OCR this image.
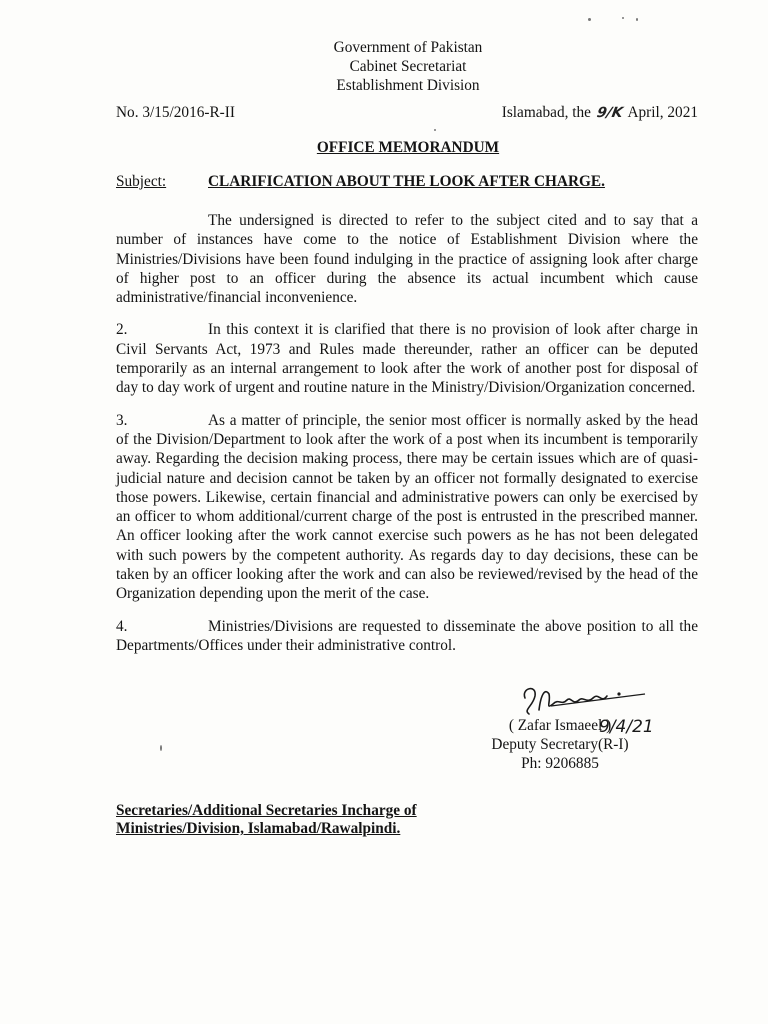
Government of Pakistan
Cabinet Secretariat
Establishment Division
No. 3/15/2016-R-II	Islamabad, the 9/K April, 2021
OFFICE MEMORANDUM
Subject:	CLARIFICATION ABOUT THE LOOK AFTER CHARGE.

The undersigned is directed to refer to the subject cited and to say that a number of instances have come to the notice of Establishment Division where the Ministries/Divisions have been found indulging in the practice of assigning look after charge of higher post to an officer during the absence its actual incumbent which cause administrative/financial inconvenience.

2.	In this context it is clarified that there is no provision of look after charge in Civil Servants Act, 1973 and Rules made thereunder, rather an officer can be deputed temporarily as an internal arrangement to look after the work of another post for disposal of day to day work of urgent and routine nature in the Ministry/Division/Organization concerned.

3.	As a matter of principle, the senior most officer is normally asked by the head of the Division/Department to look after the work of a post when its incumbent is temporarily away. Regarding the decision making process, there may be certain issues which are of quasi-judicial nature and decision cannot be taken by an officer not formally designated to exercise those powers. Likewise, certain financial and administrative powers can only be exercised by an officer to whom additional/current charge of the post is entrusted in the prescribed manner. An officer looking after the work cannot exercise such powers as he has not been delegated with such powers by the competent authority. As regards day to day decisions, these can be taken by an officer looking after the work and can also be reviewed/revised by the head of the Organization depending upon the merit of the case.

4.	Ministries/Divisions are requested to disseminate the above position to all the Departments/Offices under their administrative control.

9/4/21
( Zafar Ismaeel )
Deputy Secretary(R-I)
Ph: 9206885
Secretaries/Additional Secretaries Incharge of
Ministries/Division, Islamabad/Rawalpindi.
